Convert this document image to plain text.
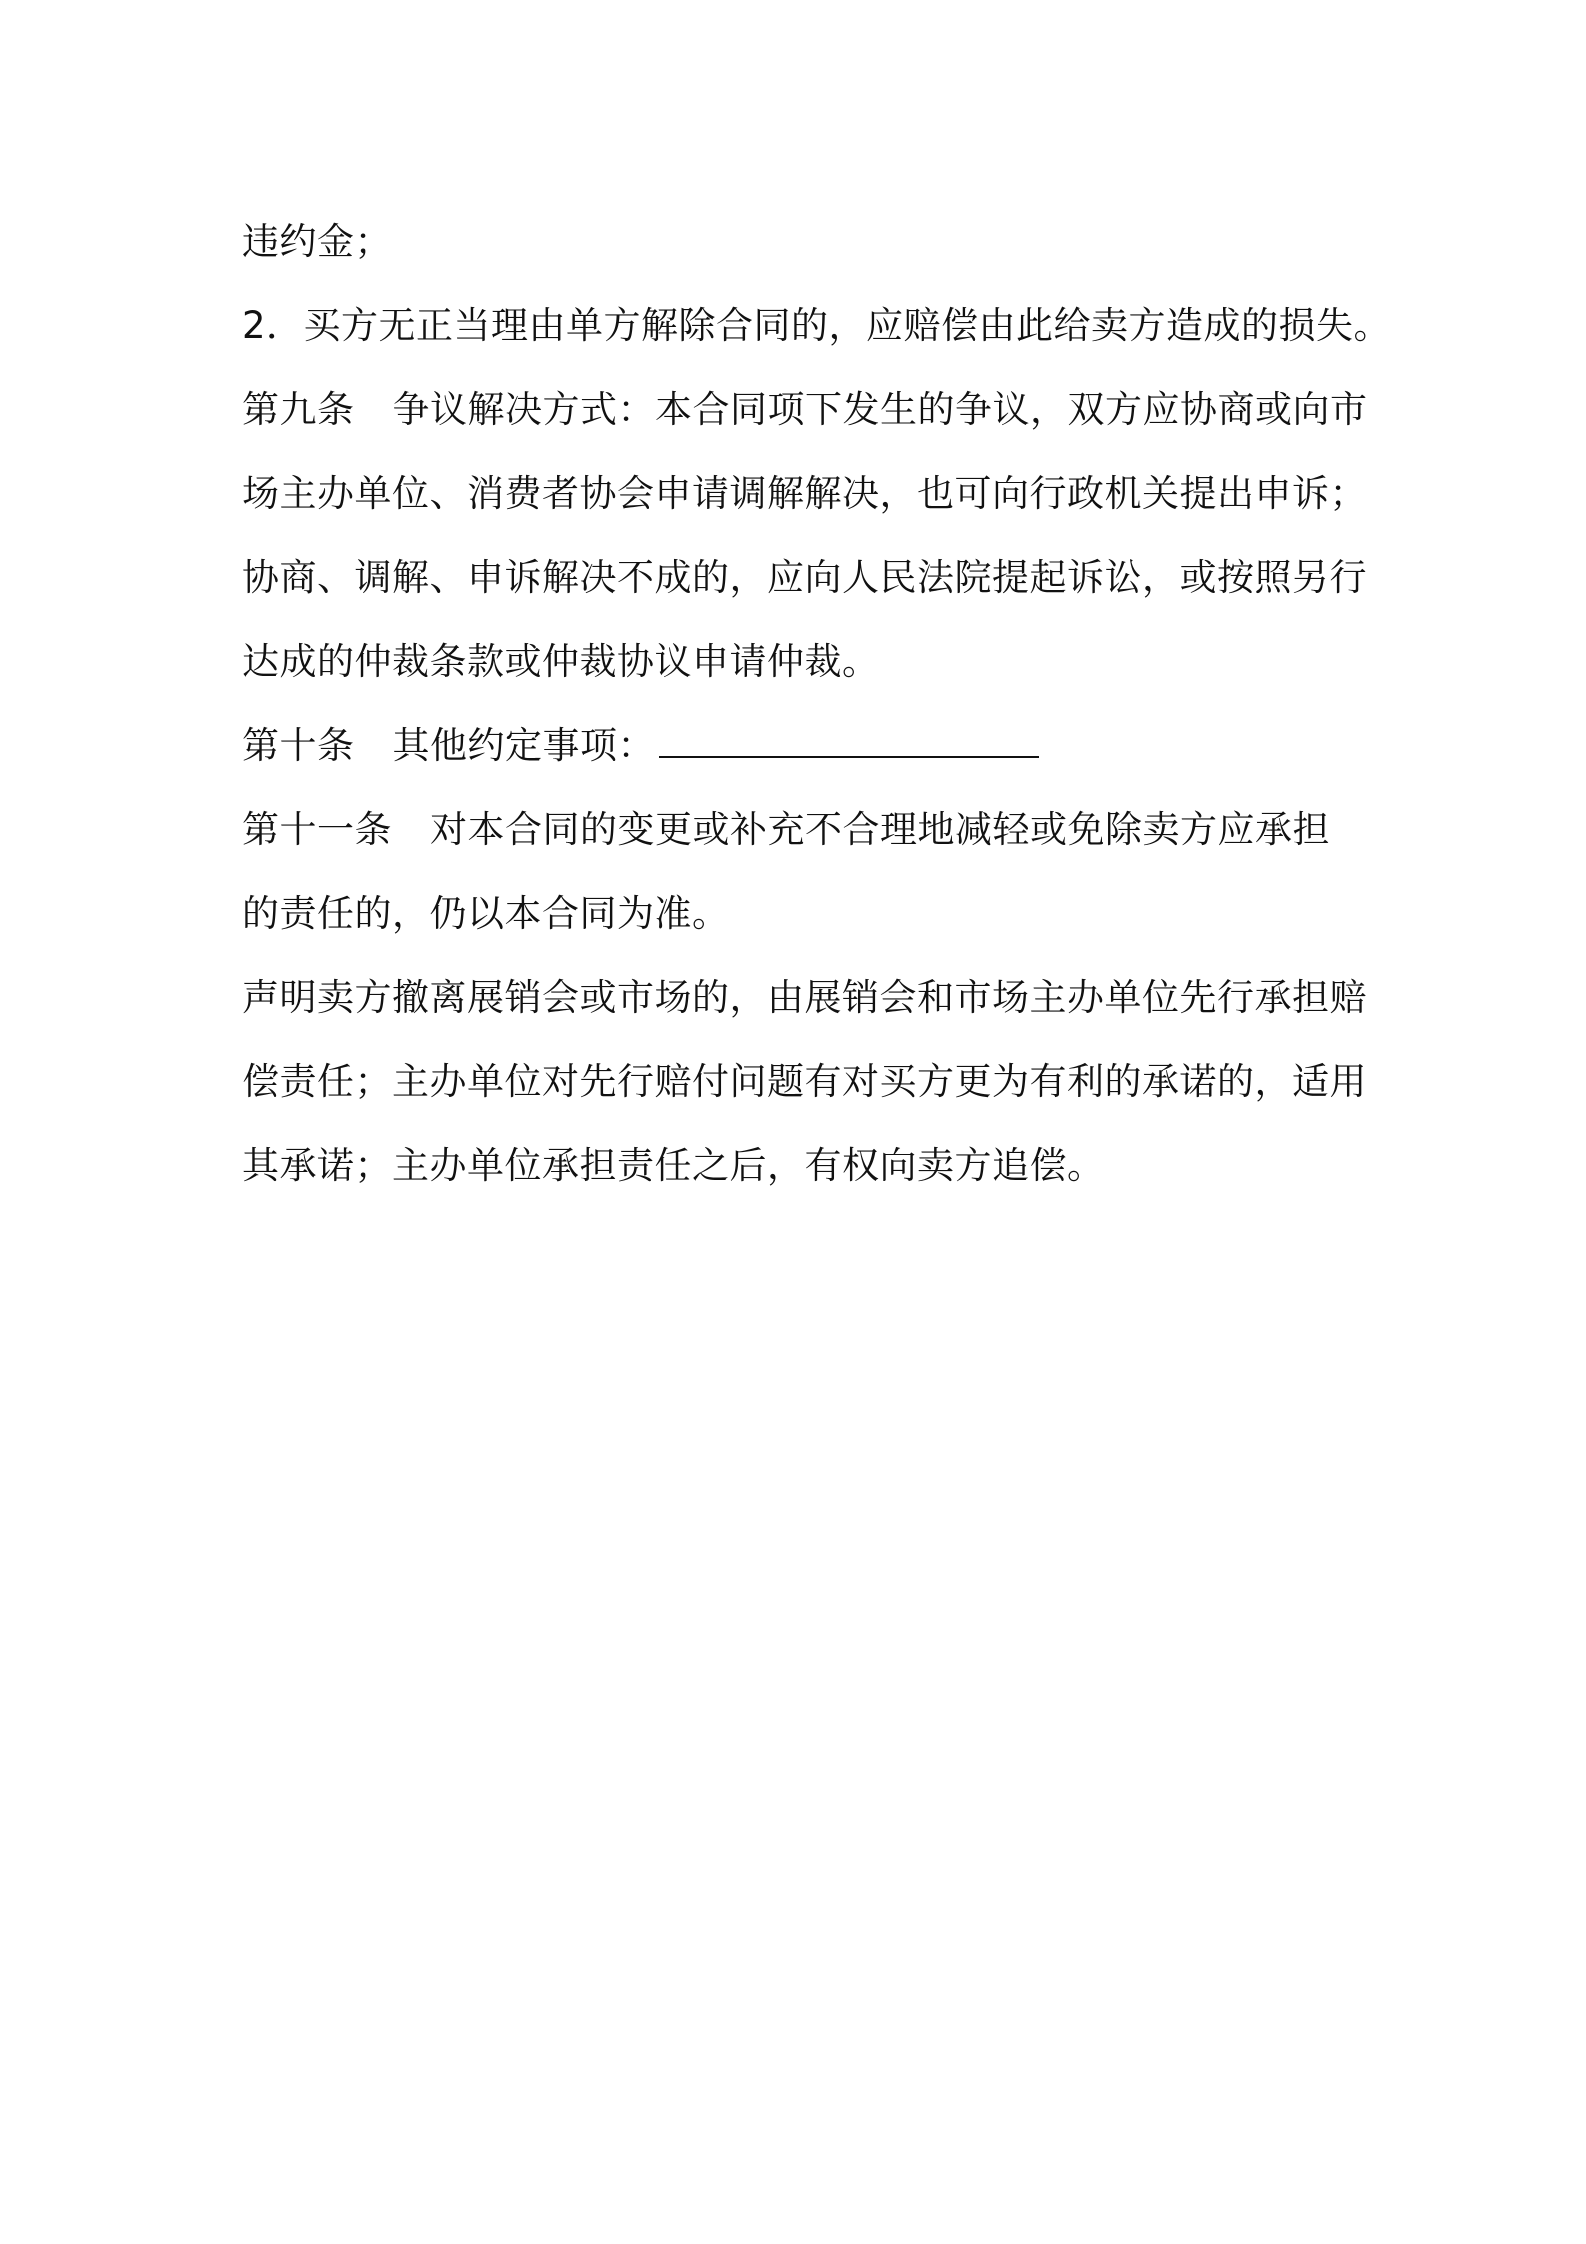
违约金；
2．买方无正当理由单方解除合同的，应赔偿由此给卖方造成的损失。
第九条 争议解决方式：本合同项下发生的争议，双方应协商或向市
场主办单位、消费者协会申请调解解决，也可向行政机关提出申诉；
协商、调解、申诉解决不成的，应向人民法院提起诉讼，或按照另行
达成的仲裁条款或仲裁协议申请仲裁。
第十条 其他约定事项：
第十一条 对本合同的变更或补充不合理地减轻或免除卖方应承担
的责任的，仍以本合同为准。
声明卖方撤离展销会或市场的，由展销会和市场主办单位先行承担赔
偿责任；主办单位对先行赔付问题有对买方更为有利的承诺的，适用
其承诺；主办单位承担责任之后，有权向卖方追偿。
